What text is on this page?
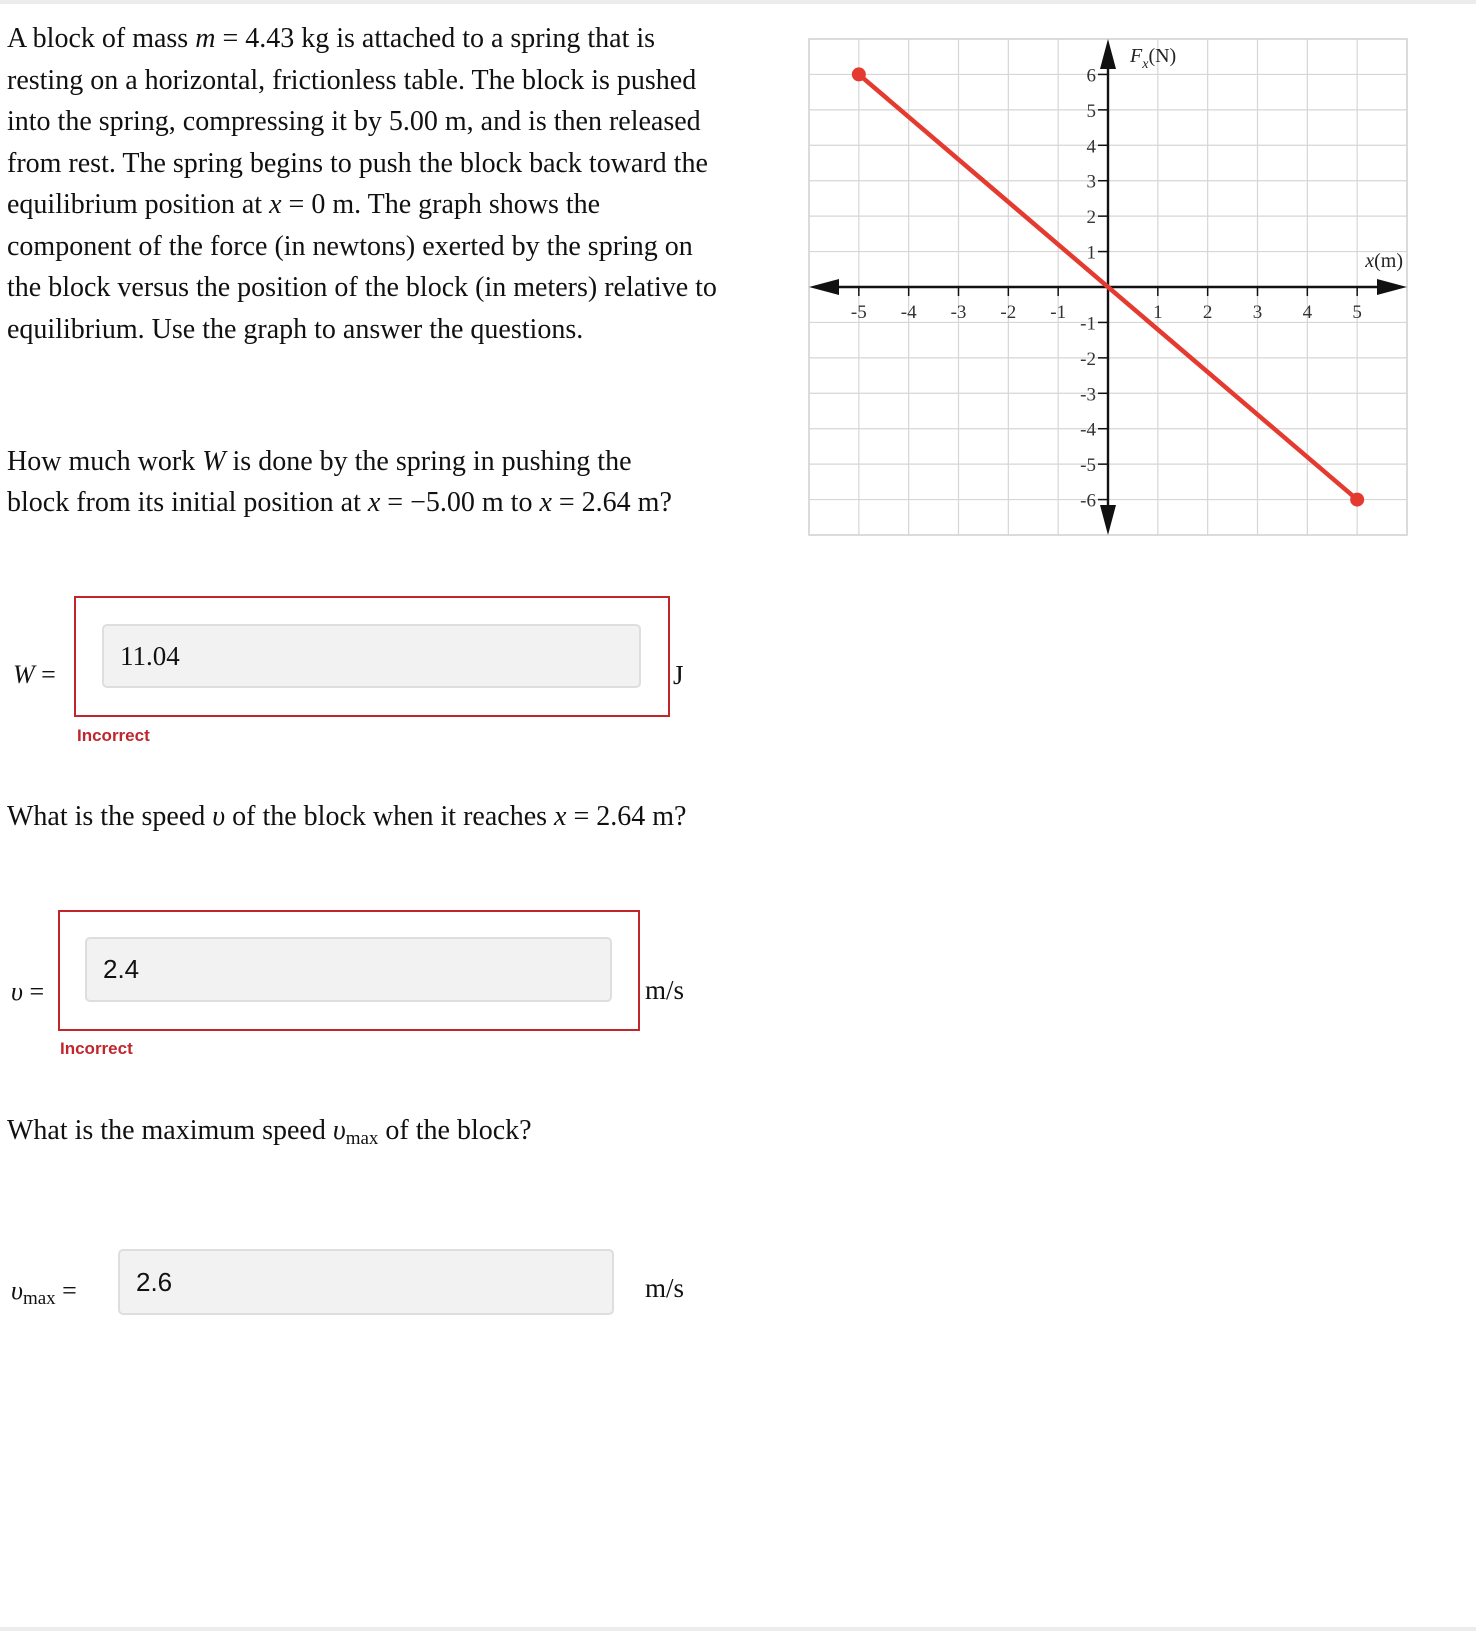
A block of mass m = 4.43 kg is attached to a spring that is resting on a horizontal, frictionless table. The block is pushed into the spring, compressing it by 5.00 m, and is then released from rest. The spring begins to push the block back toward the equilibrium position at x = 0 m. The graph shows the component of the force (in newtons) exerted by the spring on the block versus the position of the block (in meters) relative to equilibrium. Use the graph to answer the questions.

How much work W is done by the spring in pushing the block from its initial position at x = −5.00 m to x = 2.64 m?
W =
11.04	J
Incorrect
What is the speed υ of the block when it reaches x = 2.64 m?
υ =
2.4	m/s
Incorrect
What is the maximum speed $\upsilon_{max}$ of the block?
$\upsilon_{max}$ =
2.6	m/s
-5 -4 -3 -2 -1	1 2 3 4 5
6
5
4
3
2
1
-1
-2
-3
-4
-5
-6
$F_x(N)$
x(m)
